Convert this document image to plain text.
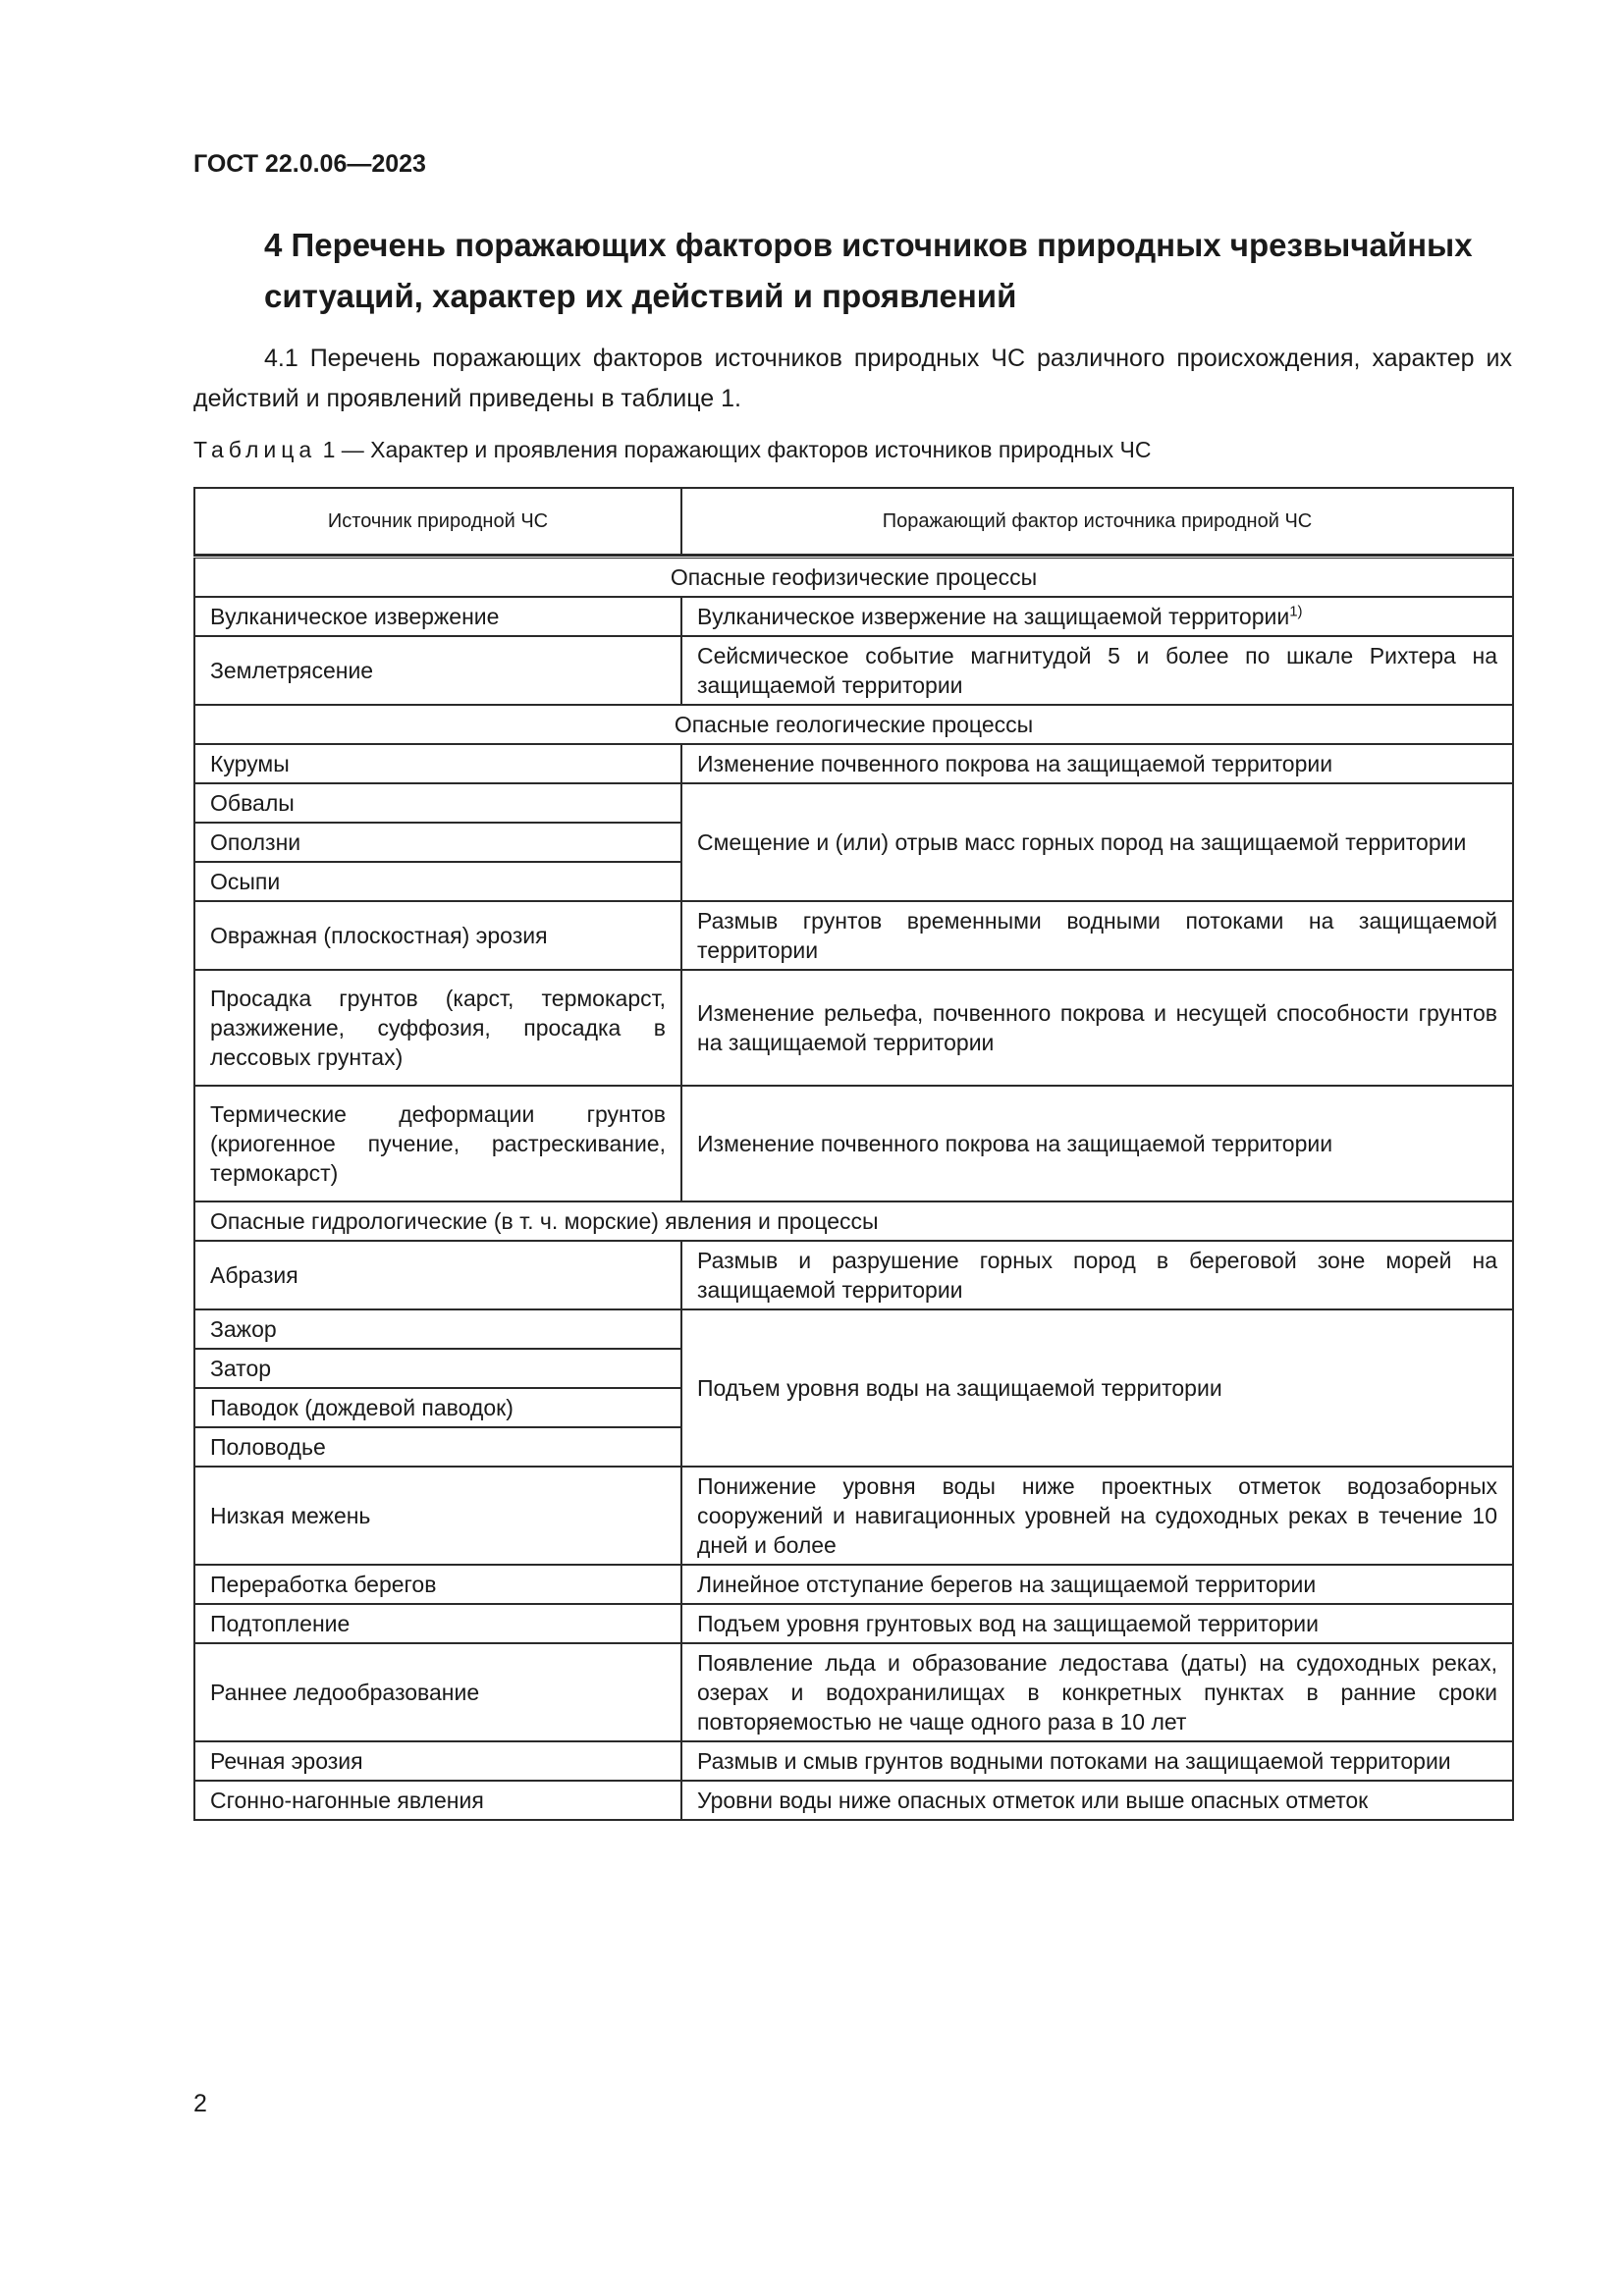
ГОСТ 22.0.06—2023
4 Перечень поражающих факторов источников природных чрезвычайных ситуаций, характер их действий и проявлений
4.1 Перечень поражающих факторов источников природных ЧС различного происхождения, характер их действий и проявлений приведены в таблице 1.
Таблица 1 — Характер и проявления поражающих факторов источников природных ЧС
Источник природной ЧС	Поражающий фактор источника природной ЧС

Опасные геофизические процессы	
Вулканическое извержение	Вулканическое извержение на защищаемой территории$^{1)}$
Землетрясение	Сейсмическое событие магнитудой 5 и более по шкале Рихтера на защищаемой территории
Опасные геологические процессы	
Курумы	Изменение почвенного покрова на защищаемой территории
Обвалы	Смещение и (или) отрыв масс горных пород на защищаемой территории
Оползни	
Осыпи	
Овражная (плоскостная) эрозия	Размыв грунтов временными водными потоками на защищаемой территории
Просадка грунтов (карст, термокарст, разжижение, суффозия, просадка в лессовых грунтах)	Изменение рельефа, почвенного покрова и несущей способности грунтов на защищаемой территории
Термические деформации грунтов (криогенное пучение, растрескивание, термокарст)	Изменение почвенного покрова на защищаемой территории
Опасные гидрологические (в т. ч. морские) явления и процессы	
Абразия	Размыв и разрушение горных пород в береговой зоне морей на защищаемой территории
Зажор	Подъем уровня воды на защищаемой территории
Затор	
Паводок (дождевой паводок)	
Половодье	
Низкая межень	Понижение уровня воды ниже проектных отметок водозаборных сооружений и навигационных уровней на судоходных реках в течение 10 дней и более
Переработка берегов	Линейное отступание берегов на защищаемой территории
Подтопление	Подъем уровня грунтовых вод на защищаемой территории
Раннее ледообразование	Появление льда и образование ледостава (даты) на судоходных реках, озерах и водохранилищах в конкретных пунктах в ранние сроки повторяемостью не чаще одного раза в 10 лет
Речная эрозия	Размыв и смыв грунтов водными потоками на защищаемой территории
Сгонно-нагонные явления	Уровни воды ниже опасных отметок или выше опасных отметок
2
